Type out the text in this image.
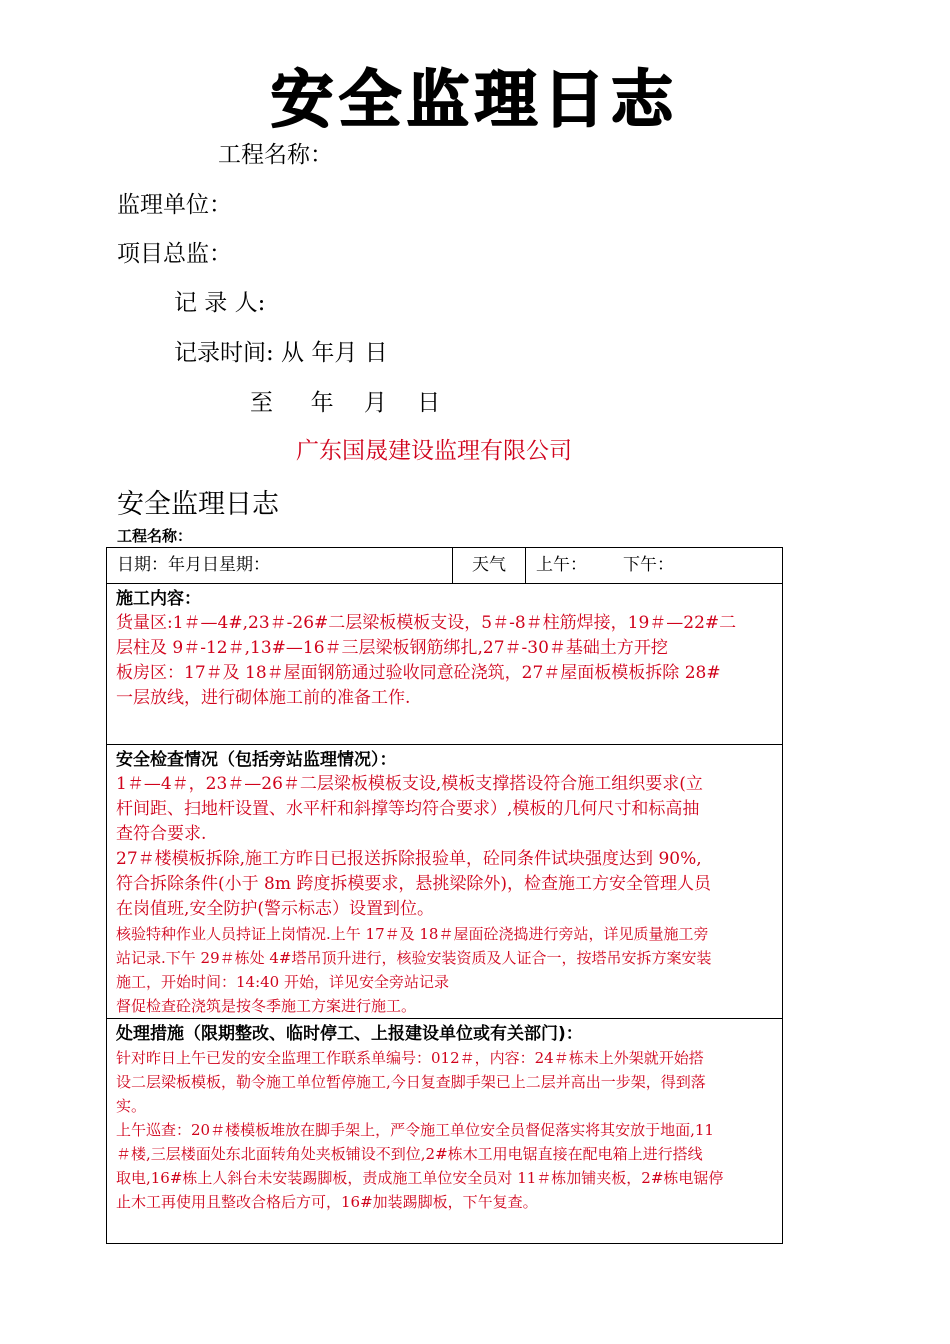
安全监理日志
工程名称：
监理单位：
项目总监：
记 录 人:
记录时间: 从 年月 日
至 　 年 　月 　日
广东国晟建设监理有限公司
安全监理日志
工程名称：
日期：年月日星期：	天气	上午： 下午：
施工内容：
货量区:1＃—4#,23＃-26#二层梁板模板支设，5＃-8＃柱筋焊接，19＃—22#二
层柱及 9＃-12＃,13#—16＃三层梁板钢筋绑扎,27＃-30＃基础土方开挖
板房区：17＃及 18＃屋面钢筋通过验收同意砼浇筑，27＃屋面板模板拆除 28#
一层放线，进行砌体施工前的准备工作.
安全检查情况（包括旁站监理情况）：
1＃—4＃，23＃—26＃二层梁板模板支设,模板支撑搭设符合施工组织要求(立
杆间距、扫地杆设置、水平杆和斜撑等均符合要求）,模板的几何尺寸和标高抽
查符合要求.
27＃楼模板拆除,施工方昨日已报送拆除报验单，砼同条件试块强度达到 90%,
符合拆除条件(小于 8m 跨度拆模要求，悬挑梁除外)，检查施工方安全管理人员
在岗值班,安全防护(警示标志）设置到位。
核验特种作业人员持证上岗情况.上午 17＃及 18＃屋面砼浇捣进行旁站，详见质量施工旁
站记录.下午 29＃栋处 4#塔吊顶升进行，核验安装资质及人证合一，按塔吊安拆方案安装
施工，开始时间：14:40 开始，详见安全旁站记录
督促检查砼浇筑是按冬季施工方案进行施工。
处理措施（限期整改、临时停工、上报建设单位或有关部门)：
针对昨日上午已发的安全监理工作联系单编号：012＃，内容：24＃栋未上外架就开始搭
设二层梁板模板，勒令施工单位暂停施工,今日复查脚手架已上二层并高出一步架，得到落
实。
上午巡查：20＃楼模板堆放在脚手架上，严令施工单位安全员督促落实将其安放于地面,11
＃楼,三层楼面处东北面转角处夹板铺设不到位,2#栋木工用电锯直接在配电箱上进行搭线
取电,16#栋上人斜台未安装踢脚板，责成施工单位安全员对 11＃栋加铺夹板，2#栋电锯停
止木工再使用且整改合格后方可，16#加装踢脚板，下午复查。
